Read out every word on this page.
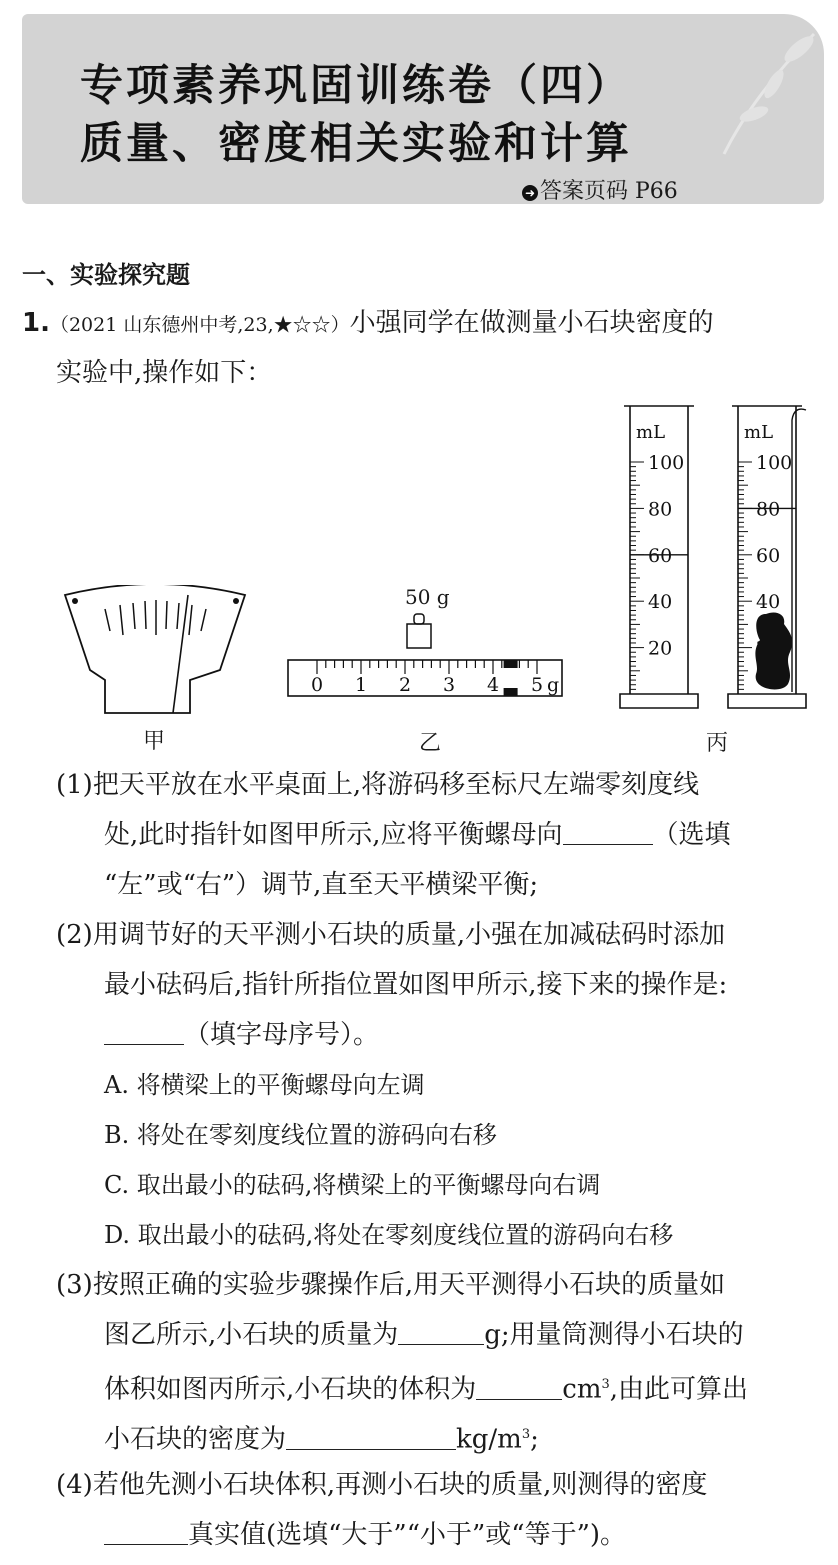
专项素养巩固训练卷（四）
质量、密度相关实验和计算
➜ 答案页码 P66
一、实验探究题
1.（2021 山东德州中考,23,★☆☆）小强同学在做测量小石块密度的
实验中,操作如下：
甲
50 g
0 1 2 3 4 5 g
乙
100
80
60
40
20
mL
100
80
60
40
mL
丙
(1)把天平放在水平桌面上,将游码移至标尺左端零刻度线
处,此时指针如图甲所示,应将平衡螺母向	（选填
“左”或“右”）调节,直至天平横梁平衡;
(2)用调节好的天平测小石块的质量,小强在加减砝码时添加
最小砝码后,指针所指位置如图甲所示,接下来的操作是:
（填字母序号）。
A. 将横梁上的平衡螺母向左调
B. 将处在零刻度线位置的游码向右移
C. 取出最小的砝码,将横梁上的平衡螺母向右调
D. 取出最小的砝码,将处在零刻度线位置的游码向右移
(3)按照正确的实验步骤操作后,用天平测得小石块的质量如
图乙所示,小石块的质量为	g;用量筒测得小石块的
体积如图丙所示,小石块的体积为	$cm^3$,由此可算出
小石块的密度为	$kg/m^3$;
(4)若他先测小石块体积,再测小石块的质量,则测得的密度
真实值(选填“大于”“小于”或“等于”)。
